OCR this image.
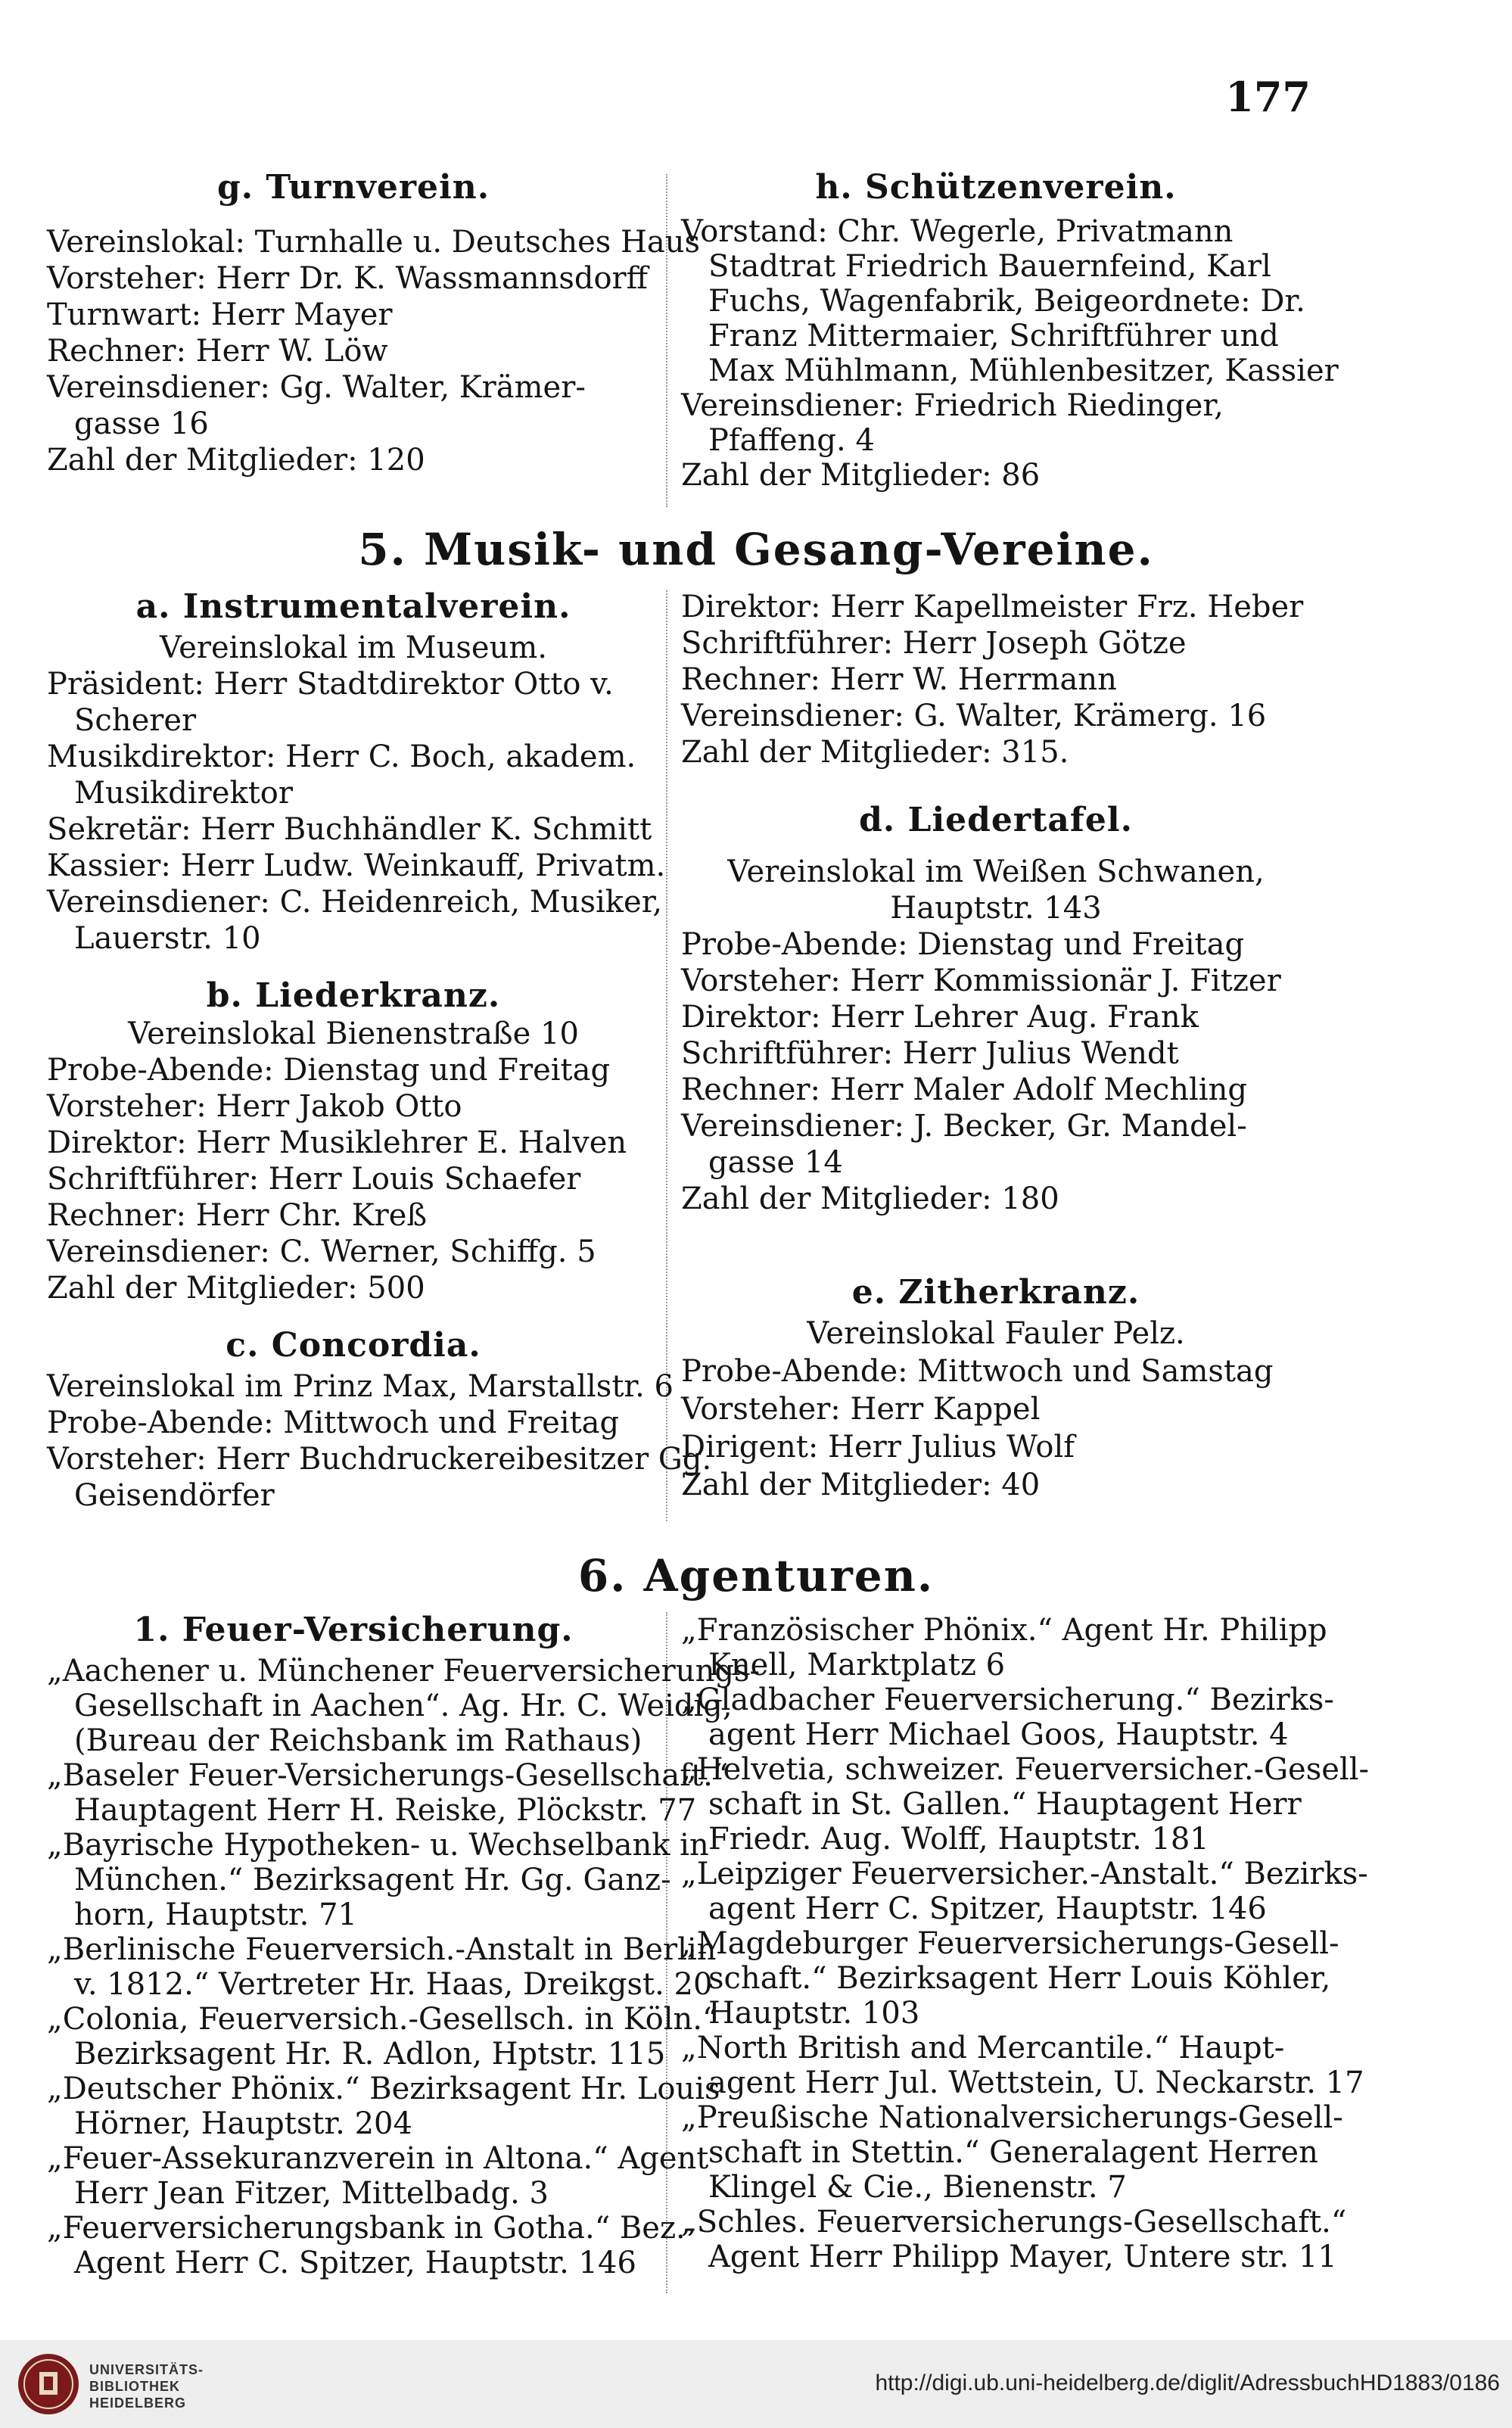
177
g. Turnverein.
Vereinslokal: Turnhalle u. Deutsches Haus
Vorsteher: Herr Dr. K. Wassmannsdorff
Turnwart: Herr Mayer
Rechner: Herr W. Löw
Vereinsdiener: Gg. Walter, Krämer-
gasse 16
Zahl der Mitglieder: 120
h. Schützenverein.
Vorstand: Chr. Wegerle, Privatmann
Stadtrat Friedrich Bauernfeind, Karl
Fuchs, Wagenfabrik, Beigeordnete: Dr.
Franz Mittermaier, Schriftführer und
Max Mühlmann, Mühlenbesitzer, Kassier
Vereinsdiener: Friedrich Riedinger,
Pfaffeng. 4
Zahl der Mitglieder: 86
5. Musik- und Gesang-Vereine.
a. Instrumentalverein.
Vereinslokal im Museum.
Präsident: Herr Stadtdirektor Otto v.
Scherer
Musikdirektor: Herr C. Boch, akadem.
Musikdirektor
Sekretär: Herr Buchhändler K. Schmitt
Kassier: Herr Ludw. Weinkauff, Privatm.
Vereinsdiener: C. Heidenreich, Musiker,
Lauerstr. 10
b. Liederkranz.
Vereinslokal Bienenstraße 10
Probe-Abende: Dienstag und Freitag
Vorsteher: Herr Jakob Otto
Direktor: Herr Musiklehrer E. Halven
Schriftführer: Herr Louis Schaefer
Rechner: Herr Chr. Kreß
Vereinsdiener: C. Werner, Schiffg. 5
Zahl der Mitglieder: 500
c. Concordia.
Vereinslokal im Prinz Max, Marstallstr. 6
Probe-Abende: Mittwoch und Freitag
Vorsteher: Herr Buchdruckereibesitzer Gg.
Geisendörfer
Direktor: Herr Kapellmeister Frz. Heber
Schriftführer: Herr Joseph Götze
Rechner: Herr W. Herrmann
Vereinsdiener: G. Walter, Krämerg. 16
Zahl der Mitglieder: 315.
d. Liedertafel.
Vereinslokal im Weißen Schwanen,
Hauptstr. 143
Probe-Abende: Dienstag und Freitag
Vorsteher: Herr Kommissionär J. Fitzer
Direktor: Herr Lehrer Aug. Frank
Schriftführer: Herr Julius Wendt
Rechner: Herr Maler Adolf Mechling
Vereinsdiener: J. Becker, Gr. Mandel-
gasse 14
Zahl der Mitglieder: 180
e. Zitherkranz.
Vereinslokal Fauler Pelz.
Probe-Abende: Mittwoch und Samstag
Vorsteher: Herr Kappel
Dirigent: Herr Julius Wolf
Zahl der Mitglieder: 40
6. Agenturen.
1. Feuer-Versicherung.
„Aachener u. Münchener Feuerversicherungs-
Gesellschaft in Aachen“. Ag. Hr. C. Weidig,
(Bureau der Reichsbank im Rathaus)
„Baseler Feuer-Versicherungs-Gesellschaft.“
Hauptagent Herr H. Reiske, Plöckstr. 77
„Bayrische Hypotheken- u. Wechselbank in
München.“ Bezirksagent Hr. Gg. Ganz-
horn, Hauptstr. 71
„Berlinische Feuerversich.-Anstalt in Berlin
v. 1812.“ Vertreter Hr. Haas, Dreikgst. 20
„Colonia, Feuerversich.-Gesellsch. in Köln.“
Bezirksagent Hr. R. Adlon, Hptstr. 115
„Deutscher Phönix.“ Bezirksagent Hr. Louis
Hörner, Hauptstr. 204
„Feuer-Assekuranzverein in Altona.“ Agent
Herr Jean Fitzer, Mittelbadg. 3
„Feuerversicherungsbank in Gotha.“ Bez.-
Agent Herr C. Spitzer, Hauptstr. 146
„Französischer Phönix.“ Agent Hr. Philipp
Knell, Marktplatz 6
„Gladbacher Feuerversicherung.“ Bezirks-
agent Herr Michael Goos, Hauptstr. 4
„Helvetia, schweizer. Feuerversicher.-Gesell-
schaft in St. Gallen.“ Hauptagent Herr
Friedr. Aug. Wolff, Hauptstr. 181
„Leipziger Feuerversicher.-Anstalt.“ Bezirks-
agent Herr C. Spitzer, Hauptstr. 146
„Magdeburger Feuerversicherungs-Gesell-
schaft.“ Bezirksagent Herr Louis Köhler,
Hauptstr. 103
„North British and Mercantile.“ Haupt-
agent Herr Jul. Wettstein, U. Neckarstr. 17
„Preußische Nationalversicherungs-Gesell-
schaft in Stettin.“ Generalagent Herren
Klingel & Cie., Bienenstr. 7
„Schles. Feuerversicherungs-Gesellschaft.“
Agent Herr Philipp Mayer, Untere str. 11
UNIVERSITÄTS-
BIBLIOTHEK
HEIDELBERG
http://digi.ub.uni-heidelberg.de/diglit/AdressbuchHD1883/0186
